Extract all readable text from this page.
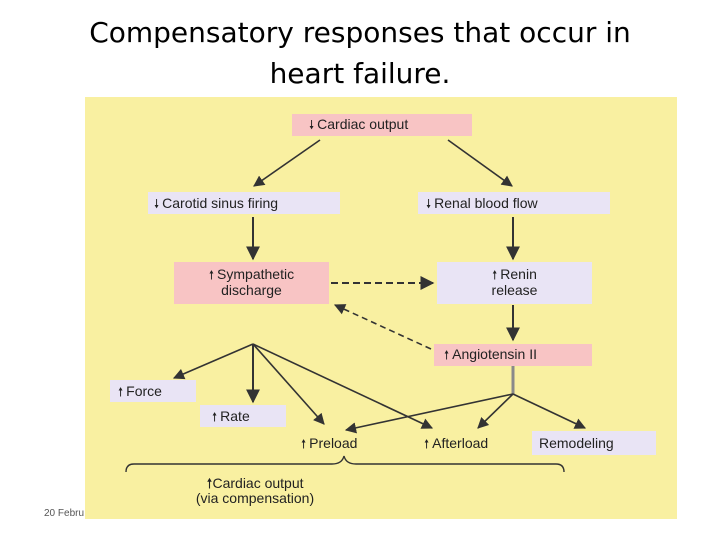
Compensatory responses that occur in
heart failure.
20 Febru
🠗 Cardiac output
🠗 Carotid sinus firing	🠗 Renal blood flow
🠕 Sympathetic
discharge
🠕 Renin
release
🠕 Angiotensin II
🠕 Force
🠕 Rate
🠕 Preload	🠕 Afterload	Remodeling
🠕Cardiac output
(via compensation)
